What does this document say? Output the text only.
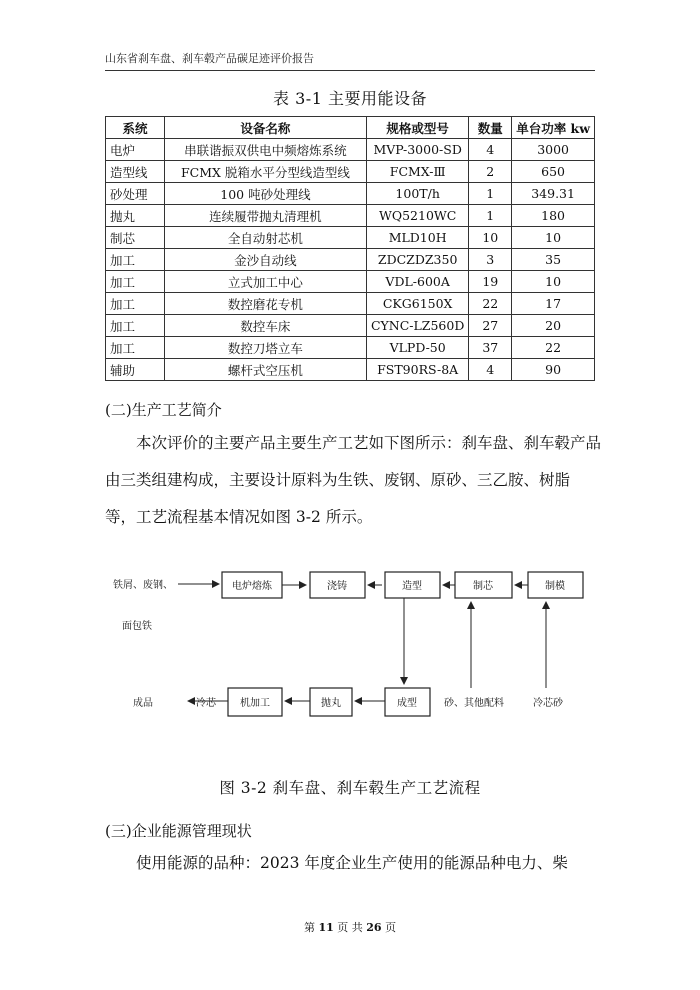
山东省刹车盘、刹车毂产品碳足迹评价报告
表 3-1 主要用能设备
系统	设备名称	规格或型号	数量	单台功率 kw
电炉	串联谐振双供电中频熔炼系统	MVP-3000-SD	4	3000
造型线	FCMX 脱箱水平分型线造型线	FCMX-Ⅲ	2	650
砂处理	100 吨砂处理线	100T/h	1	349.31
抛丸	连续履带抛丸清理机	WQ5210WC	1	180
制芯	全自动射芯机	MLD10H	10	10
加工	金沙自动线	ZDCZDZ350	3	35
加工	立式加工中心	VDL-600A	19	10
加工	数控磨花专机	CKG6150X	22	17
加工	数控车床	CYNC-LZ560D	27	20
加工	数控刀塔立车	VLPD-50	37	22
辅助	螺杆式空压机	FST90RS-8A	4	90
(二)生产工艺简介
本次评价的主要产品主要生产工艺如下图所示：刹车盘、刹车毂产品
由三类组建构成，主要设计原料为生铁、废钢、原砂、三乙胺、树脂
等，工艺流程基本情况如图 3-2 所示。
铁屑、废钢、
面包铁
电炉熔炼	浇铸	造型	制芯	制模
成型
抛丸
机加工
冷芯
成品	砂、其他配料	冷芯砂
图 3-2 刹车盘、刹车毂生产工艺流程
(三)企业能源管理现状
使用能源的品种：2023 年度企业生产使用的能源品种电力、柴
第 11 页 共 26 页
